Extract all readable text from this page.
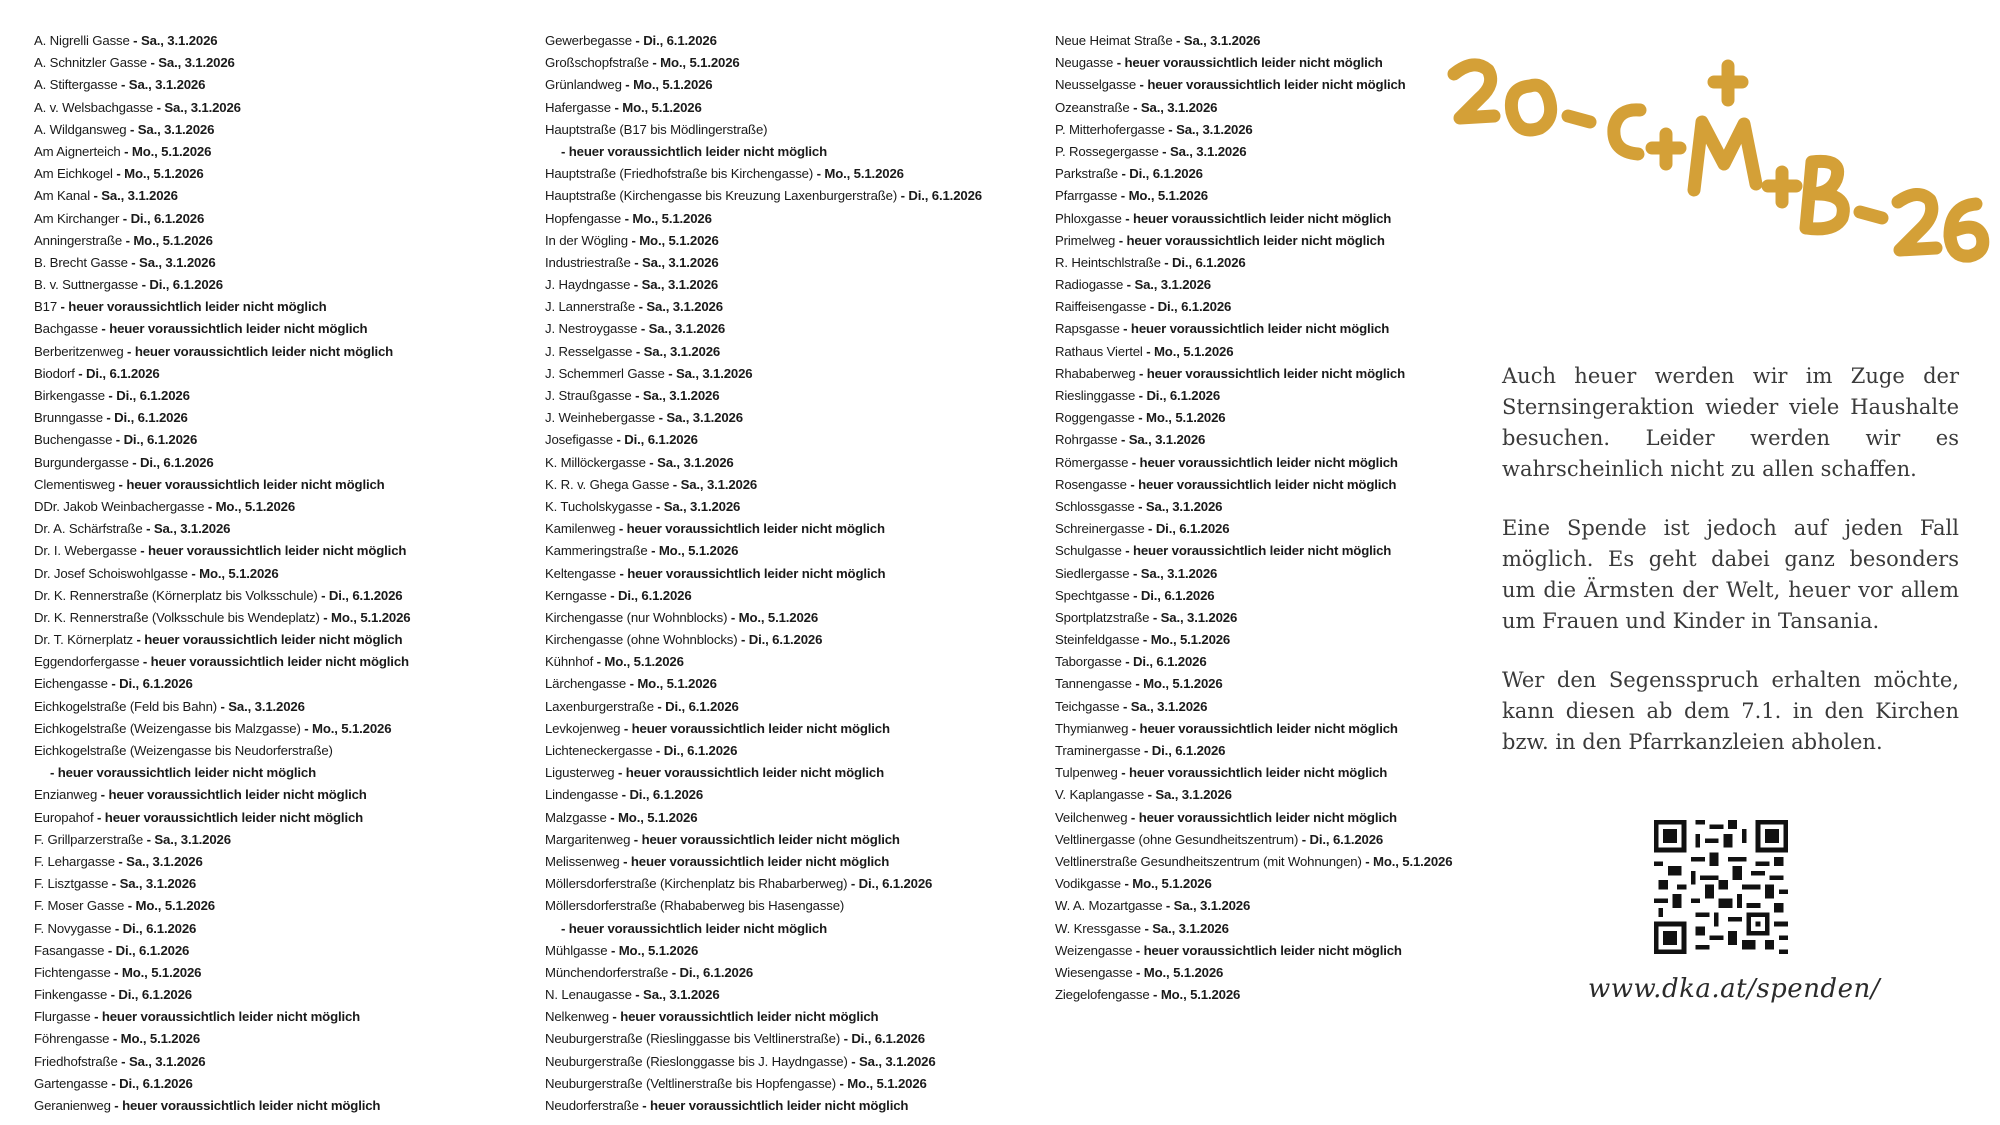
A. Nigrelli Gasse - Sa., 3.1.2026
A. Schnitzler Gasse - Sa., 3.1.2026
A. Stiftergasse - Sa., 3.1.2026
A. v. Welsbachgasse - Sa., 3.1.2026
A. Wildgansweg - Sa., 3.1.2026
Am Aignerteich - Mo., 5.1.2026
Am Eichkogel - Mo., 5.1.2026
Am Kanal - Sa., 3.1.2026
Am Kirchanger - Di., 6.1.2026
Anningerstraße - Mo., 5.1.2026
B. Brecht Gasse - Sa., 3.1.2026
B. v. Suttnergasse - Di., 6.1.2026
B17 - heuer voraussichtlich leider nicht möglich
Bachgasse - heuer voraussichtlich leider nicht möglich
Berberitzenweg - heuer voraussichtlich leider nicht möglich
Biodorf - Di., 6.1.2026
Birkengasse - Di., 6.1.2026
Brunngasse - Di., 6.1.2026
Buchengasse - Di., 6.1.2026
Burgundergasse - Di., 6.1.2026
Clementisweg - heuer voraussichtlich leider nicht möglich
DDr. Jakob Weinbachergasse - Mo., 5.1.2026
Dr. A. Schärfstraße - Sa., 3.1.2026
Dr. I. Webergasse - heuer voraussichtlich leider nicht möglich
Dr. Josef Schoiswohlgasse - Mo., 5.1.2026
Dr. K. Rennerstraße (Körnerplatz bis Volksschule) - Di., 6.1.2026
Dr. K. Rennerstraße (Volksschule bis Wendeplatz) - Mo., 5.1.2026
Dr. T. Körnerplatz - heuer voraussichtlich leider nicht möglich
Eggendorfergasse - heuer voraussichtlich leider nicht möglich
Eichengasse - Di., 6.1.2026
Eichkogelstraße (Feld bis Bahn) - Sa., 3.1.2026
Eichkogelstraße (Weizengasse bis Malzgasse) - Mo., 5.1.2026
Eichkogelstraße (Weizengasse bis Neudorferstraße)
- heuer voraussichtlich leider nicht möglich
Enzianweg - heuer voraussichtlich leider nicht möglich
Europahof - heuer voraussichtlich leider nicht möglich
F. Grillparzerstraße - Sa., 3.1.2026
F. Lehargasse - Sa., 3.1.2026
F. Lisztgasse - Sa., 3.1.2026
F. Moser Gasse - Mo., 5.1.2026
F. Novygasse - Di., 6.1.2026
Fasangasse - Di., 6.1.2026
Fichtengasse - Mo., 5.1.2026
Finkengasse - Di., 6.1.2026
Flurgasse - heuer voraussichtlich leider nicht möglich
Föhrengasse - Mo., 5.1.2026
Friedhofstraße - Sa., 3.1.2026
Gartengasse - Di., 6.1.2026
Geranienweg - heuer voraussichtlich leider nicht möglich
Gewerbegasse - Di., 6.1.2026
Großschopfstraße - Mo., 5.1.2026
Grünlandweg - Mo., 5.1.2026
Hafergasse - Mo., 5.1.2026
Hauptstraße (B17 bis Mödlingerstraße)
- heuer voraussichtlich leider nicht möglich
Hauptstraße (Friedhofstraße bis Kirchengasse) - Mo., 5.1.2026
Hauptstraße (Kirchengasse bis Kreuzung Laxenburgerstraße) - Di., 6.1.2026
Hopfengasse - Mo., 5.1.2026
In der Wögling - Mo., 5.1.2026
Industriestraße - Sa., 3.1.2026
J. Haydngasse - Sa., 3.1.2026
J. Lannerstraße - Sa., 3.1.2026
J. Nestroygasse - Sa., 3.1.2026
J. Resselgasse - Sa., 3.1.2026
J. Schemmerl Gasse - Sa., 3.1.2026
J. Straußgasse - Sa., 3.1.2026
J. Weinhebergasse - Sa., 3.1.2026
Josefigasse - Di., 6.1.2026
K. Millöckergasse - Sa., 3.1.2026
K. R. v. Ghega Gasse - Sa., 3.1.2026
K. Tucholskygasse - Sa., 3.1.2026
Kamilenweg - heuer voraussichtlich leider nicht möglich
Kammeringstraße - Mo., 5.1.2026
Keltengasse - heuer voraussichtlich leider nicht möglich
Kerngasse - Di., 6.1.2026
Kirchengasse (nur Wohnblocks) - Mo., 5.1.2026
Kirchengasse (ohne Wohnblocks) - Di., 6.1.2026
Kühnhof - Mo., 5.1.2026
Lärchengasse - Mo., 5.1.2026
Laxenburgerstraße - Di., 6.1.2026
Levkojenweg - heuer voraussichtlich leider nicht möglich
Lichteneckergasse - Di., 6.1.2026
Ligusterweg - heuer voraussichtlich leider nicht möglich
Lindengasse - Di., 6.1.2026
Malzgasse - Mo., 5.1.2026
Margaritenweg - heuer voraussichtlich leider nicht möglich
Melissenweg - heuer voraussichtlich leider nicht möglich
Möllersdorferstraße (Kirchenplatz bis Rhabarberweg) - Di., 6.1.2026
Möllersdorferstraße (Rhababerweg bis Hasengasse)
- heuer voraussichtlich leider nicht möglich
Mühlgasse - Mo., 5.1.2026
Münchendorferstraße - Di., 6.1.2026
N. Lenaugasse - Sa., 3.1.2026
Nelkenweg - heuer voraussichtlich leider nicht möglich
Neuburgerstraße (Rieslinggasse bis Veltlinerstraße) - Di., 6.1.2026
Neuburgerstraße (Rieslonggasse bis J. Haydngasse) - Sa., 3.1.2026
Neuburgerstraße (Veltlinerstraße bis Hopfengasse) - Mo., 5.1.2026
Neudorferstraße - heuer voraussichtlich leider nicht möglich
Neue Heimat Straße - Sa., 3.1.2026
Neugasse - heuer voraussichtlich leider nicht möglich
Neusselgasse - heuer voraussichtlich leider nicht möglich
Ozeanstraße - Sa., 3.1.2026
P. Mitterhofergasse - Sa., 3.1.2026
P. Rossegergasse - Sa., 3.1.2026
Parkstraße - Di., 6.1.2026
Pfarrgasse - Mo., 5.1.2026
Phloxgasse - heuer voraussichtlich leider nicht möglich
Primelweg - heuer voraussichtlich leider nicht möglich
R. Heintschlstraße - Di., 6.1.2026
Radiogasse - Sa., 3.1.2026
Raiffeisengasse - Di., 6.1.2026
Rapsgasse - heuer voraussichtlich leider nicht möglich
Rathaus Viertel - Mo., 5.1.2026
Rhababerweg - heuer voraussichtlich leider nicht möglich
Rieslinggasse - Di., 6.1.2026
Roggengasse - Mo., 5.1.2026
Rohrgasse - Sa., 3.1.2026
Römergasse - heuer voraussichtlich leider nicht möglich
Rosengasse - heuer voraussichtlich leider nicht möglich
Schlossgasse - Sa., 3.1.2026
Schreinergasse - Di., 6.1.2026
Schulgasse - heuer voraussichtlich leider nicht möglich
Siedlergasse - Sa., 3.1.2026
Spechtgasse - Di., 6.1.2026
Sportplatzstraße - Sa., 3.1.2026
Steinfeldgasse - Mo., 5.1.2026
Taborgasse - Di., 6.1.2026
Tannengasse - Mo., 5.1.2026
Teichgasse - Sa., 3.1.2026
Thymianweg - heuer voraussichtlich leider nicht möglich
Traminergasse - Di., 6.1.2026
Tulpenweg - heuer voraussichtlich leider nicht möglich
V. Kaplangasse - Sa., 3.1.2026
Veilchenweg - heuer voraussichtlich leider nicht möglich
Veltlinergasse (ohne Gesundheitszentrum) - Di., 6.1.2026
Veltlinerstraße Gesundheitszentrum (mit Wohnungen) - Mo., 5.1.2026
Vodikgasse - Mo., 5.1.2026
W. A. Mozartgasse - Sa., 3.1.2026
W. Kressgasse - Sa., 3.1.2026
Weizengasse - heuer voraussichtlich leider nicht möglich
Wiesengasse - Mo., 5.1.2026
Ziegelofengasse - Mo., 5.1.2026

Auch heuer werden wir im Zuge der Sternsingeraktion wieder viele Haushalte besuchen. Leider werden wir es wahrscheinlich nicht zu allen schaffen.

Eine Spende ist jedoch auf jeden Fall möglich. Es geht dabei ganz besonders um die Ärmsten der Welt, heuer vor allem um Frauen und Kinder in Tansania.

Wer den Segensspruch erhalten möchte, kann diesen ab dem 7.1. in den Kirchen bzw. in den Pfarrkanzleien abholen.

www.dka.at/spenden/
